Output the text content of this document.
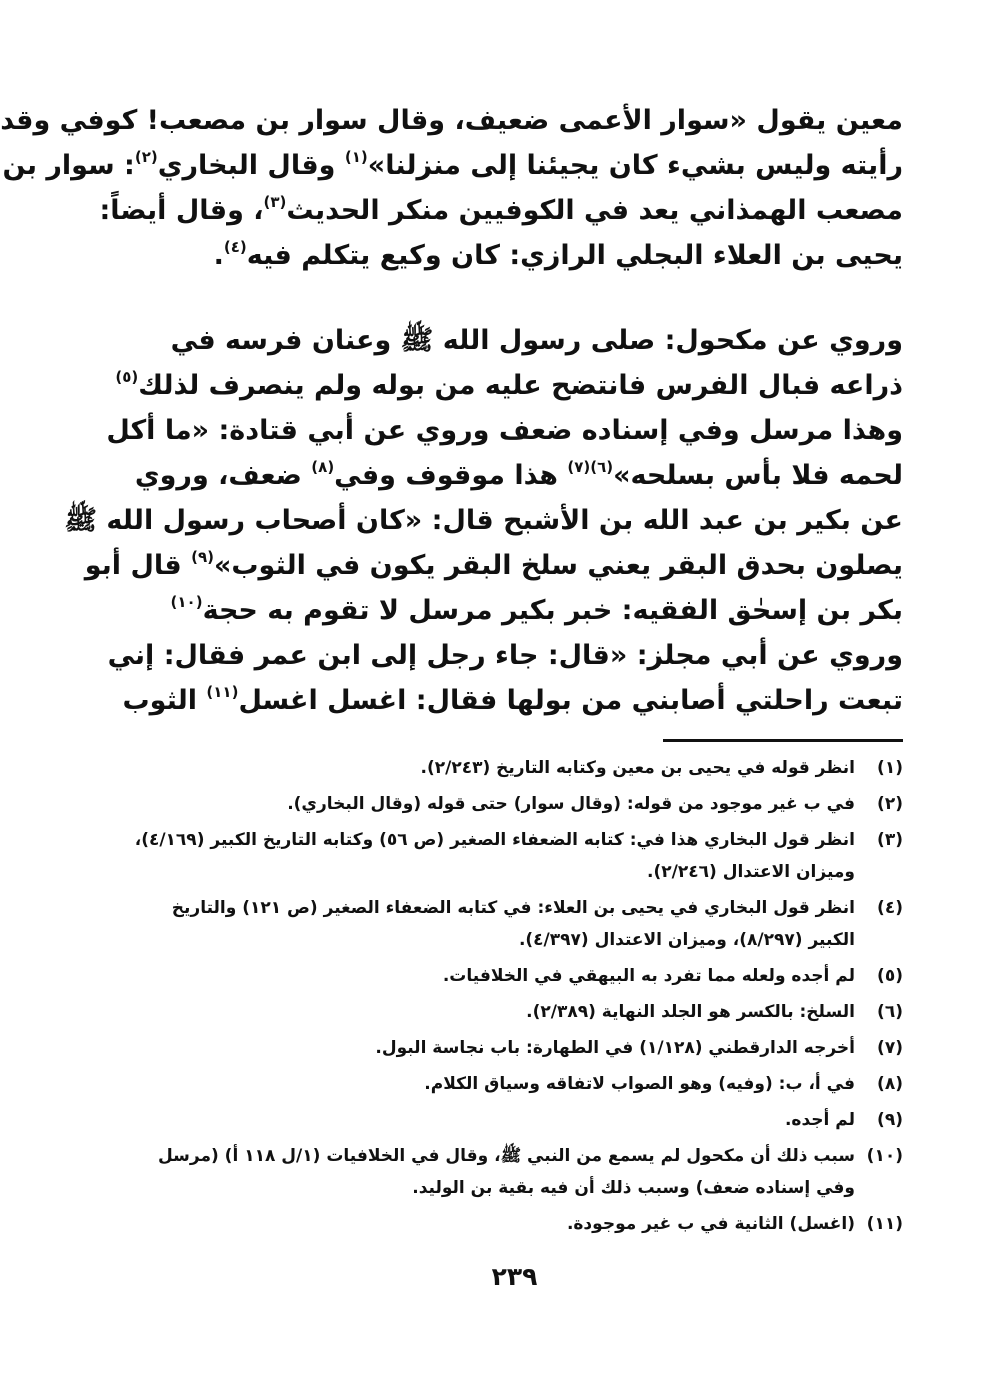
معين يقول «سوار الأعمى ضعيف، وقال سوار بن مصعب! كوفي وقد
رأيته وليس بشيء كان يجيئنا إلى منزلنا»$^{(١)}$ وقال البخاري$^{(٢)}$: سوار بن
مصعب الهمذاني يعد في الكوفيين منكر الحديث$^{(٣)}$، وقال أيضاً:
يحيى بن العلاء البجلي الرازي: كان وكيع يتكلم فيه$^{(٤)}$.
وروي عن مكحول: صلى رسول الله ﷺ وعنان فرسه في
ذراعه فبال الفرس فانتضح عليه من بوله ولم ينصرف لذلك$^{(٥)}$
وهذا مرسل وفي إسناده ضعف وروي عن أبي قتادة: «ما أكل
لحمه فلا بأس بسلحه»$^{(٦)(٧)}$ هذا موقوف وفي$^{(٨)}$ ضعف، وروي
عن بكير بن عبد الله بن الأشبح قال: «كان أصحاب رسول الله ﷺ
يصلون بحدق البقر يعني سلخ البقر يكون في الثوب»$^{(٩)}$ قال أبو
بكر بن إسحٰق الفقيه: خبر بكير مرسل لا تقوم به حجة$^{(١٠)}$
وروي عن أبي مجلز: «قال: جاء رجل إلى ابن عمر فقال: إني
تبعت راحلتي أصابني من بولها فقال: اغسل اغسل$^{(١١)}$ الثوب
(١)
انظر قوله في يحيى بن معين وكتابه التاريخ (٢/٢٤٣).
(٢)
في ب غير موجود من قوله: (وقال سوار) حتى قوله (وقال البخاري).
(٣)
انظر قول البخاري هذا في: كتابه الضعفاء الصغير (ص ٥٦) وكتابه التاريخ الكبير (٤/١٦٩)، وميزان الاعتدال (٢/٢٤٦).
(٤)
انظر قول البخاري في يحيى بن العلاء: في كتابه الضعفاء الصغير (ص ١٢١) والتاريخ الكبير (٨/٢٩٧)، وميزان الاعتدال (٤/٣٩٧).
(٥)
لم أجده ولعله مما تفرد به البيهقي في الخلافيات.
(٦)
السلخ: بالكسر هو الجلد النهاية (٢/٣٨٩).
(٧)
أخرجه الدارقطني (١/١٢٨) في الطهارة: باب نجاسة البول.
(٨)
في أ، ب: (وفيه) وهو الصواب لاتفاقه وسياق الكلام.
(٩)
لم أجده.
(١٠)
سبب ذلك أن مكحول لم يسمع من النبي ﷺ، وقال في الخلافيات (١/ل ١١٨ أ) (مرسل وفي إسناده ضعف) وسبب ذلك أن فيه بقية بن الوليد.
(١١)
(اغسل) الثانية في ب غير موجودة.
٢٣٩
